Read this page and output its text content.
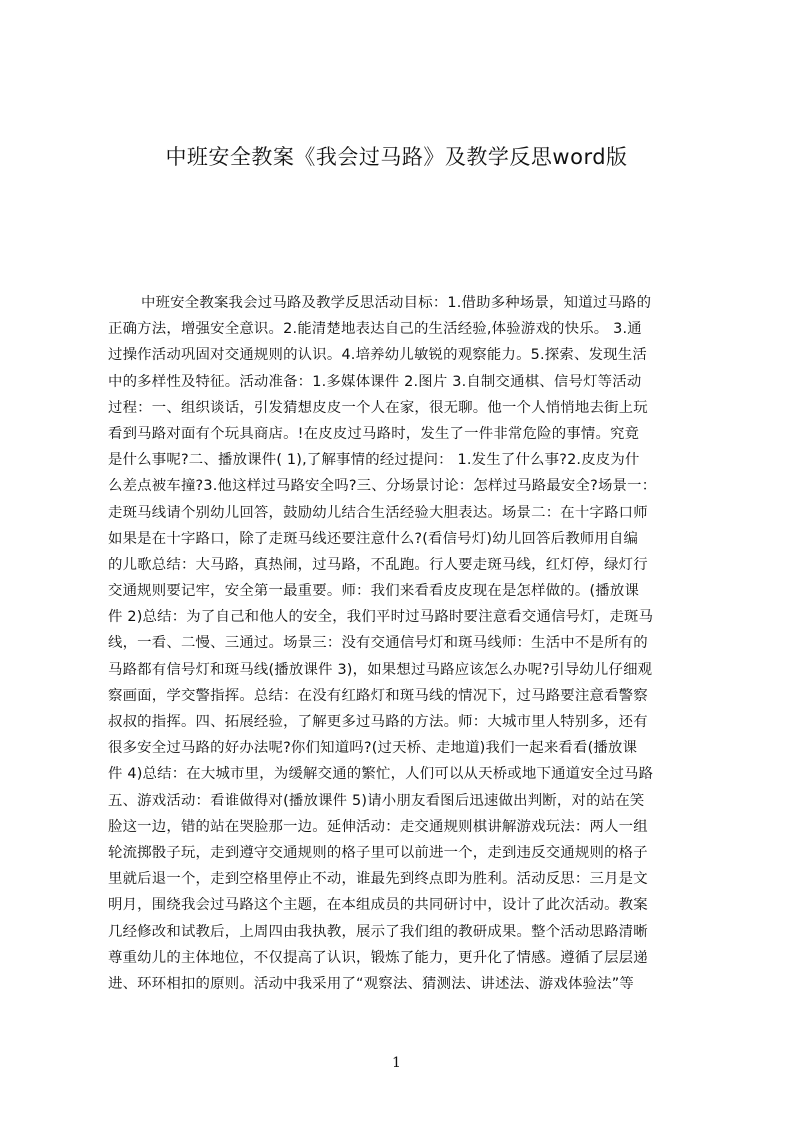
中班安全教案《我会过马路》及教学反思word版
中班安全教案我会过马路及教学反思活动目标：1.借助多种场景，知道过马路的
正确方法，增强安全意识。2.能清楚地表达自己的生活经验,体验游戏的快乐。 3.通
过操作活动巩固对交通规则的认识。4.培养幼儿敏锐的观察能力。5.探索、发现生活
中的多样性及特征。活动准备：1.多媒体课件 2.图片 3.自制交通棋、信号灯等活动
过程：一、组织谈话，引发猜想皮皮一个人在家，很无聊。他一个人悄悄地去街上玩
看到马路对面有个玩具商店。!在皮皮过马路时，发生了一件非常危险的事情。究竟
是什么事呢?二、播放课件( 1),了解事情的经过提问： 1.发生了什么事?2.皮皮为什
么差点被车撞?3.他这样过马路安全吗?三、分场景讨论：怎样过马路最安全?场景一：
走斑马线请个别幼儿回答，鼓励幼儿结合生活经验大胆表达。场景二：在十字路口师
如果是在十字路口，除了走斑马线还要注意什么?(看信号灯)幼儿回答后教师用自编
的儿歌总结：大马路，真热闹，过马路，不乱跑。行人要走斑马线，红灯停，绿灯行
交通规则要记牢，安全第一最重要。师：我们来看看皮皮现在是怎样做的。(播放课
件 2)总结：为了自己和他人的安全，我们平时过马路时要注意看交通信号灯，走斑马
线，一看、二慢、三通过。场景三：没有交通信号灯和斑马线师：生活中不是所有的
马路都有信号灯和斑马线(播放课件 3)，如果想过马路应该怎么办呢?引导幼儿仔细观
察画面，学交警指挥。总结：在没有红路灯和斑马线的情况下，过马路要注意看警察
叔叔的指挥。四、拓展经验，了解更多过马路的方法。师：大城市里人特别多，还有
很多安全过马路的好办法呢?你们知道吗?(过天桥、走地道)我们一起来看看(播放课
件 4)总结：在大城市里，为缓解交通的繁忙，人们可以从天桥或地下通道安全过马路
五、游戏活动：看谁做得对(播放课件 5)请小朋友看图后迅速做出判断，对的站在笑
脸这一边，错的站在哭脸那一边。延伸活动：走交通规则棋讲解游戏玩法：两人一组
轮流掷骰子玩，走到遵守交通规则的格子里可以前进一个，走到违反交通规则的格子
里就后退一个，走到空格里停止不动，谁最先到终点即为胜利。活动反思：三月是文
明月，围绕我会过马路这个主题，在本组成员的共同研讨中，设计了此次活动。教案
几经修改和试教后，上周四由我执教，展示了我们组的教研成果。整个活动思路清晰
尊重幼儿的主体地位，不仅提高了认识，锻炼了能力，更升化了情感。遵循了层层递
进、环环相扣的原则。活动中我采用了“观察法、猜测法、讲述法、游戏体验法”等
1
